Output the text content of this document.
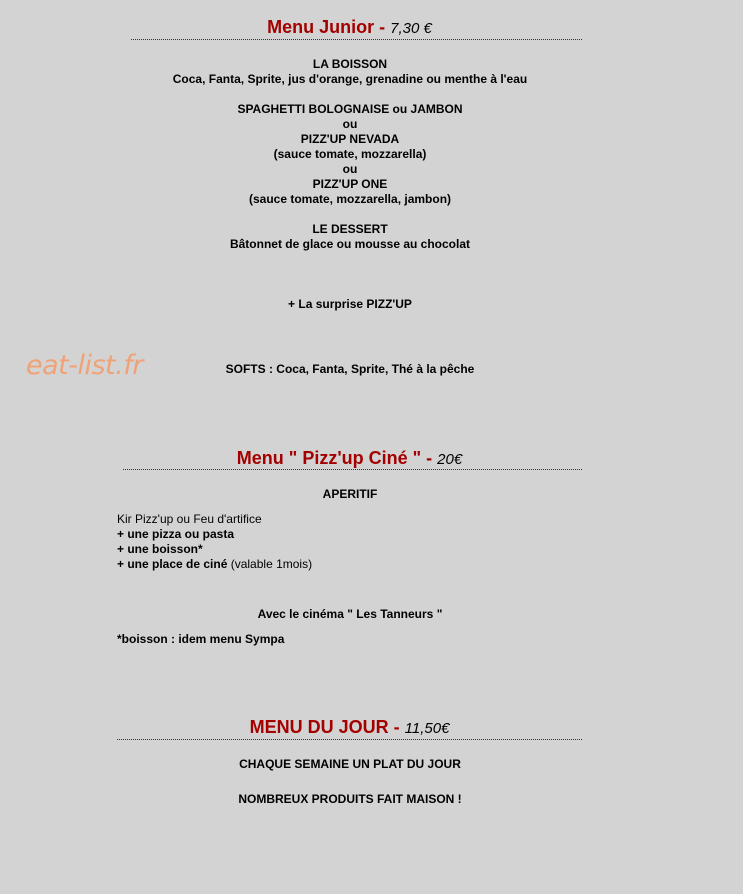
Menu Junior - 7,30 €
LA BOISSON
Coca, Fanta, Sprite, jus d'orange, grenadine ou menthe à l'eau
SPAGHETTI BOLOGNAISE ou JAMBON
ou
PIZZ'UP NEVADA
(sauce tomate, mozzarella)
ou
PIZZ'UP ONE
(sauce tomate, mozzarella, jambon)
LE DESSERT
Bâtonnet de glace ou mousse au chocolat
+ La surprise PIZZ'UP
eat-list.fr	SOFTS : Coca, Fanta, Sprite, Thé à la pêche
Menu " Pizz'up Ciné " - 20€
APERITIF
Kir Pizz'up ou Feu d'artifice
+ une pizza ou pasta
+ une boisson*
+ une place de ciné (valable 1mois)
Avec le cinéma " Les Tanneurs "
*boisson : idem menu Sympa
MENU DU JOUR - 11,50€
CHAQUE SEMAINE UN PLAT DU JOUR
NOMBREUX PRODUITS FAIT MAISON !
